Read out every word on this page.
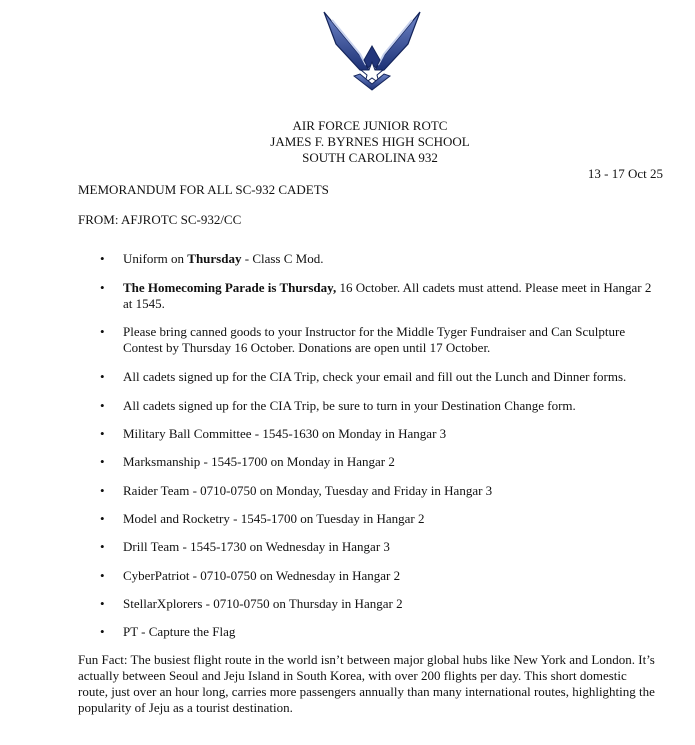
AIR FORCE JUNIOR ROTC
JAMES F. BYRNES HIGH SCHOOL
SOUTH CAROLINA 932
13 - 17 Oct 25
MEMORANDUM FOR ALL SC-932 CADETS
FROM: AFJROTC SC-932/CC
• Uniform on Thursday - Class C Mod.
• The Homecoming Parade is Thursday, 16 October. All cadets must attend. Please meet in Hangar 2 at 1545.
• Please bring canned goods to your Instructor for the Middle Tyger Fundraiser and Can Sculpture Contest by Thursday 16 October. Donations are open until 17 October.
• All cadets signed up for the CIA Trip, check your email and fill out the Lunch and Dinner forms.
• All cadets signed up for the CIA Trip, be sure to turn in your Destination Change form.
• Military Ball Committee - 1545-1630 on Monday in Hangar 3
• Marksmanship - 1545-1700 on Monday in Hangar 2
• Raider Team - 0710-0750 on Monday, Tuesday and Friday in Hangar 3
• Model and Rocketry - 1545-1700 on Tuesday in Hangar 2
• Drill Team - 1545-1730 on Wednesday in Hangar 3
• CyberPatriot - 0710-0750 on Wednesday in Hangar 2
• StellarXplorers - 0710-0750 on Thursday in Hangar 2
• PT - Capture the Flag
Fun Fact: The busiest flight route in the world isn’t between major global hubs like New York and London. It’s actually between Seoul and Jeju Island in South Korea, with over 200 flights per day. This short domestic route, just over an hour long, carries more passengers annually than many international routes, highlighting the popularity of Jeju as a tourist destination.
